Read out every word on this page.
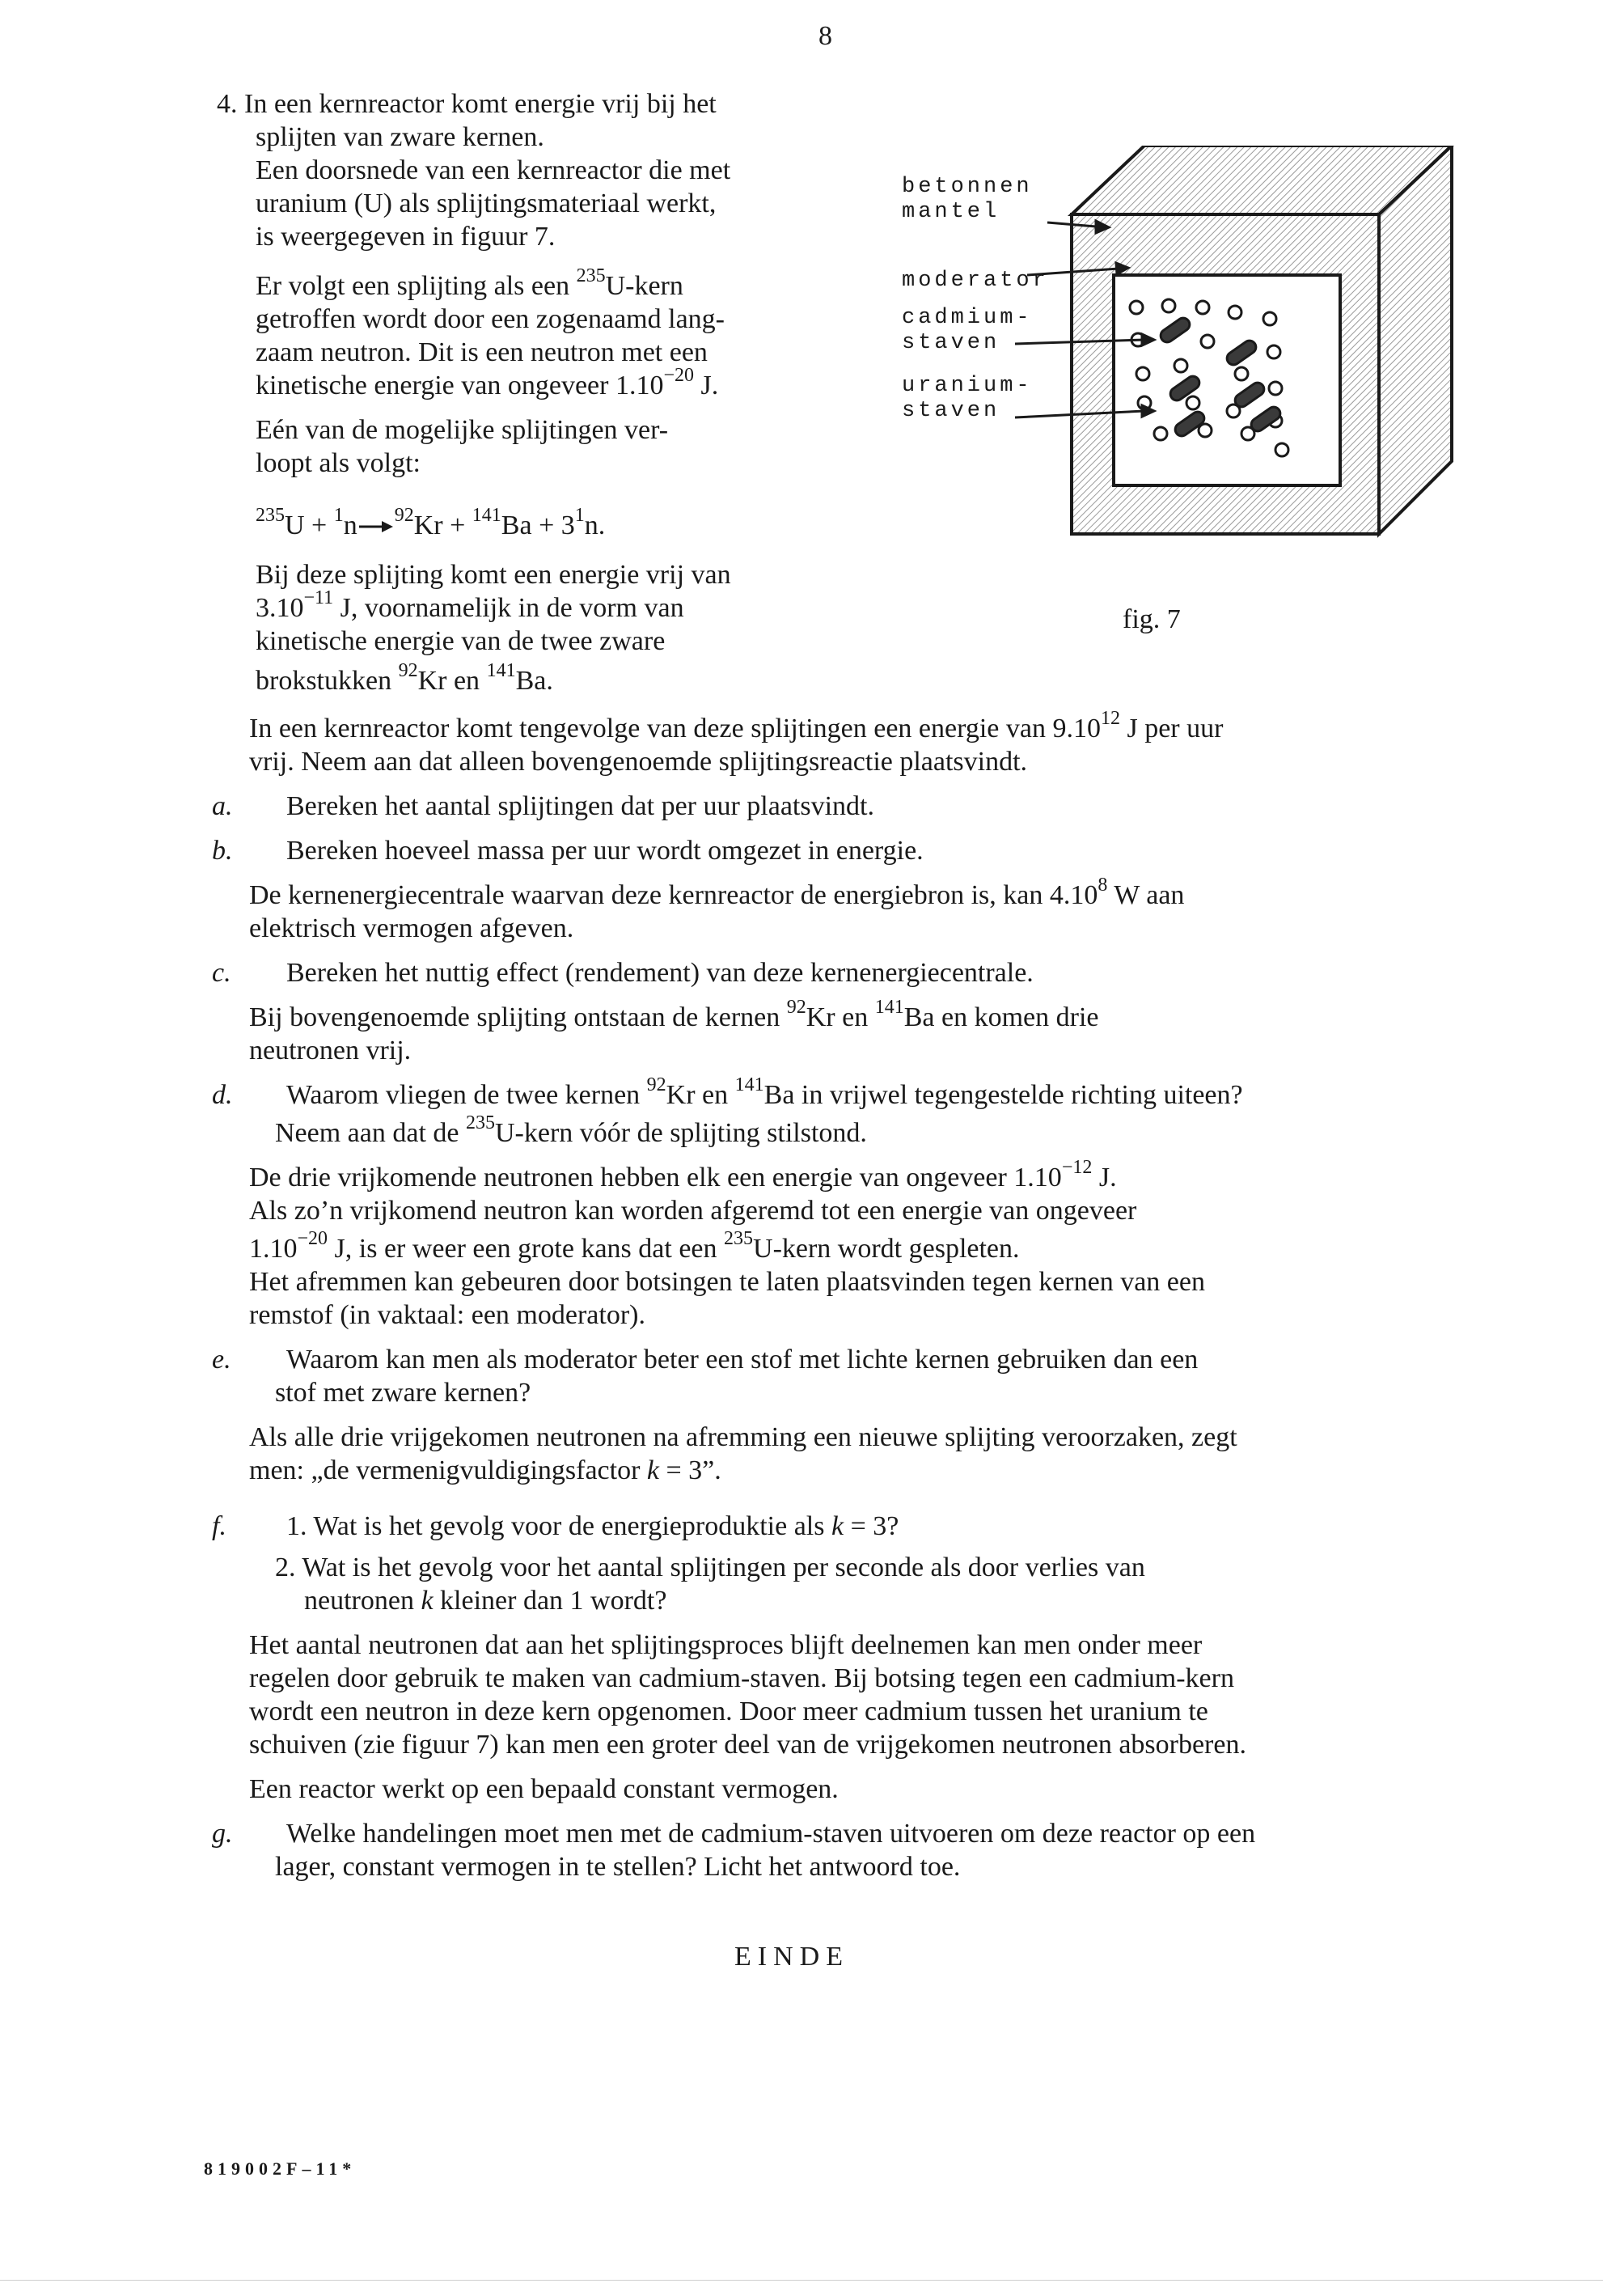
8

4. In een kernreactor komt energie vrij bij het

splijten van zware kernen.

Een doorsnede van een kernreactor die met

uranium (U) als splijtingsmateriaal werkt,

is weergegeven in figuur 7.

Er volgt een splijting als een $^{235}$U-kern

getroffen wordt door een zogenaamd lang-

zaam neutron. Dit is een neutron met een

kinetische energie van ongeveer $1.10^{-20}$ J.

Eén van de mogelijke splijtingen ver-

loopt als volgt:

$^{235}$U + $^1$n $^{92}Kr + ^{141}Ba + 3^1n$.

Bij deze splijting komt een energie vrij van

$3.10^{-11}$ J, voornamelijk in de vorm van

kinetische energie van de twee zware

brokstukken $^{92}$Kr en $^{141}$Ba.

betonnen
mantel
moderator
cadmium-
staven
uranium-
staven
fig. 7

In een kernreactor komt tengevolge van deze splijtingen een energie van 9.10$^{12}$ J per uur

vrij. Neem aan dat alleen bovengenoemde splijtingsreactie plaatsvindt.

a. Bereken het aantal splijtingen dat per uur plaatsvindt.

b. Bereken hoeveel massa per uur wordt omgezet in energie.

De kernenergiecentrale waarvan deze kernreactor de energiebron is, kan 4.10$^8$ W aan

elektrisch vermogen afgeven.

c. Bereken het nuttig effect (rendement) van deze kernenergiecentrale.

Bij bovengenoemde splijting ontstaan de kernen $^{92}$Kr en $^{141}$Ba en komen drie

neutronen vrij.

d. Waarom vliegen de twee kernen $^{92}$Kr en $^{141}$Ba in vrijwel tegengestelde richting uiteen?

Neem aan dat de $^{235}$U-kern vóór de splijting stilstond.

De drie vrijkomende neutronen hebben elk een energie van ongeveer $1.10^{-12}$ J.

Als zo’n vrijkomend neutron kan worden afgeremd tot een energie van ongeveer

$1.10^{-20}$ J, is er weer een grote kans dat een $^{235}$U-kern wordt gespleten.

Het afremmen kan gebeuren door botsingen te laten plaatsvinden tegen kernen van een

remstof (in vaktaal: een moderator).

e. Waarom kan men als moderator beter een stof met lichte kernen gebruiken dan een

stof met zware kernen?

Als alle drie vrijgekomen neutronen na afremming een nieuwe splijting veroorzaken, zegt

men: „de vermenigvuldigingsfactor k = 3”.

f. 1. Wat is het gevolg voor de energieproduktie als k = 3?

2. Wat is het gevolg voor het aantal splijtingen per seconde als door verlies van

neutronen k kleiner dan 1 wordt?

Het aantal neutronen dat aan het splijtingsproces blijft deelnemen kan men onder meer

regelen door gebruik te maken van cadmium-staven. Bij botsing tegen een cadmium-kern

wordt een neutron in deze kern opgenomen. Door meer cadmium tussen het uranium te

schuiven (zie figuur 7) kan men een groter deel van de vrijgekomen neutronen absorberen.

Een reactor werkt op een bepaald constant vermogen.

g. Welke handelingen moet men met de cadmium-staven uitvoeren om deze reactor op een

lager, constant vermogen in te stellen? Licht het antwoord toe.

EINDE
819002F–11*
